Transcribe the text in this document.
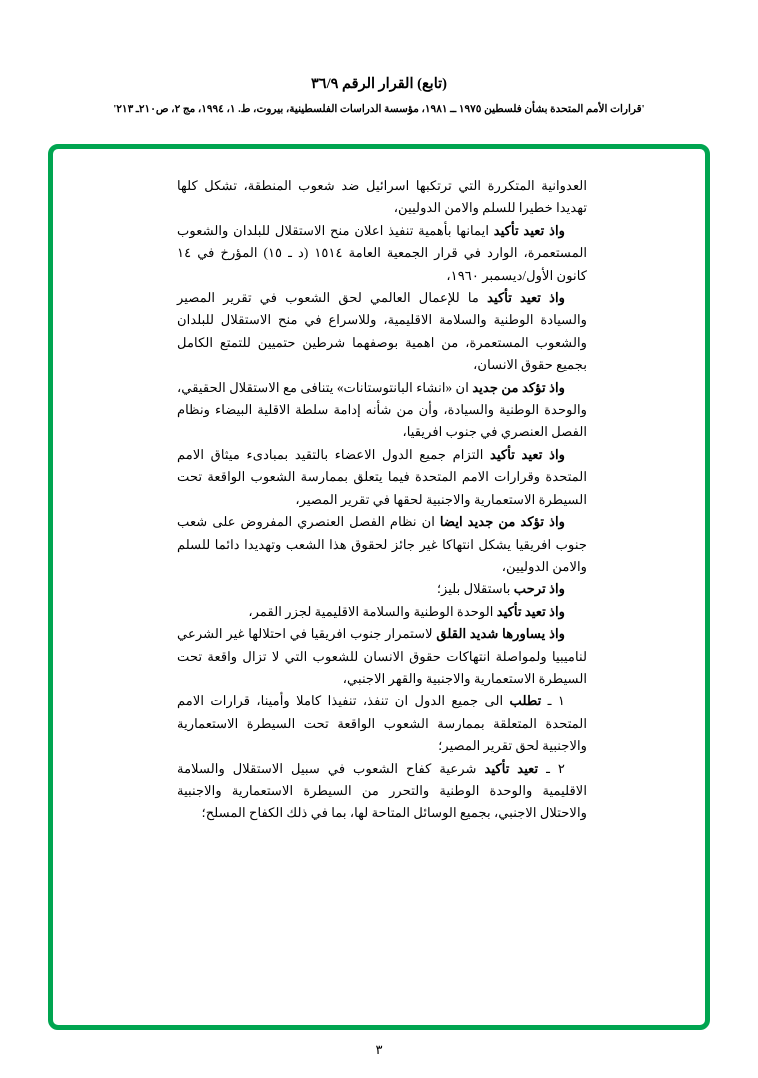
(تابع) القرار الرقم ٣٦/٩
'قرارات الأمم المتحدة بشأن فلسطين ١٩٧٥ ــ ١٩٨١، مؤسسة الدراسات الفلسطينية، بيروت، ط. ١، ١٩٩٤، مج ٢، ص٢١٠ـ ٢١٣'

العدوانية المتكررة التي ترتكبها اسرائيل ضد شعوب المنطقة، تشكل كلها تهديدا خطيرا للسلم والامن الدوليين،

واذ تعيد تأكيد ايمانها بأهمية تنفيذ اعلان منح الاستقلال للبلدان والشعوب المستعمرة، الوارد في قرار الجمعية العامة ١٥١٤ (د ـ ١٥) المؤرخ في ١٤ كانون الأول/ديسمبر ١٩٦٠،

واذ تعيد تأكيد ما للإعمال العالمي لحق الشعوب في تقرير المصير والسيادة الوطنية والسلامة الاقليمية، وللاسراع في منح الاستقلال للبلدان والشعوب المستعمرة، من اهمية بوصفهما شرطين حتميين للتمتع الكامل بجميع حقوق الانسان،

واذ تؤكد من جديد ان «انشاء البانتوستانات» يتنافى مع الاستقلال الحقيقي، والوحدة الوطنية والسيادة، وأن من شأنه إدامة سلطة الاقلية البيضاء ونظام الفصل العنصري في جنوب افريقيا،

واذ تعيد تأكيد التزام جميع الدول الاعضاء بالتقيد بمبادىء ميثاق الامم المتحدة وقرارات الامم المتحدة فيما يتعلق بممارسة الشعوب الواقعة تحت السيطرة الاستعمارية والاجنبية لحقها في تقرير المصير،

واذ تؤكد من جديد ايضا ان نظام الفصل العنصري المفروض على شعب جنوب افريقيا يشكل انتهاكا غير جائز لحقوق هذا الشعب وتهديدا دائما للسلم والامن الدوليين،

واذ ترحب باستقلال بليز؛

واذ تعيد تأكيد الوحدة الوطنية والسلامة الاقليمية لجزر القمر،

واذ يساورها شديد القلق لاستمرار جنوب افريقيا في احتلالها غير الشرعي لناميبيا ولمواصلة انتهاكات حقوق الانسان للشعوب التي لا تزال واقعة تحت السيطرة الاستعمارية والاجنبية والقهر الاجنبي،

١ ـ تطلب الى جميع الدول ان تنفذ، تنفيذا كاملا وأمينا، قرارات الامم المتحدة المتعلقة بممارسة الشعوب الواقعة تحت السيطرة الاستعمارية والاجنبية لحق تقرير المصير؛

٢ ـ تعيد تأكيد شرعية كفاح الشعوب في سبيل الاستقلال والسلامة الاقليمية والوحدة الوطنية والتحرر من السيطرة الاستعمارية والاجنبية والاحتلال الاجنبي، بجميع الوسائل المتاحة لها، بما في ذلك الكفاح المسلح؛

٣
